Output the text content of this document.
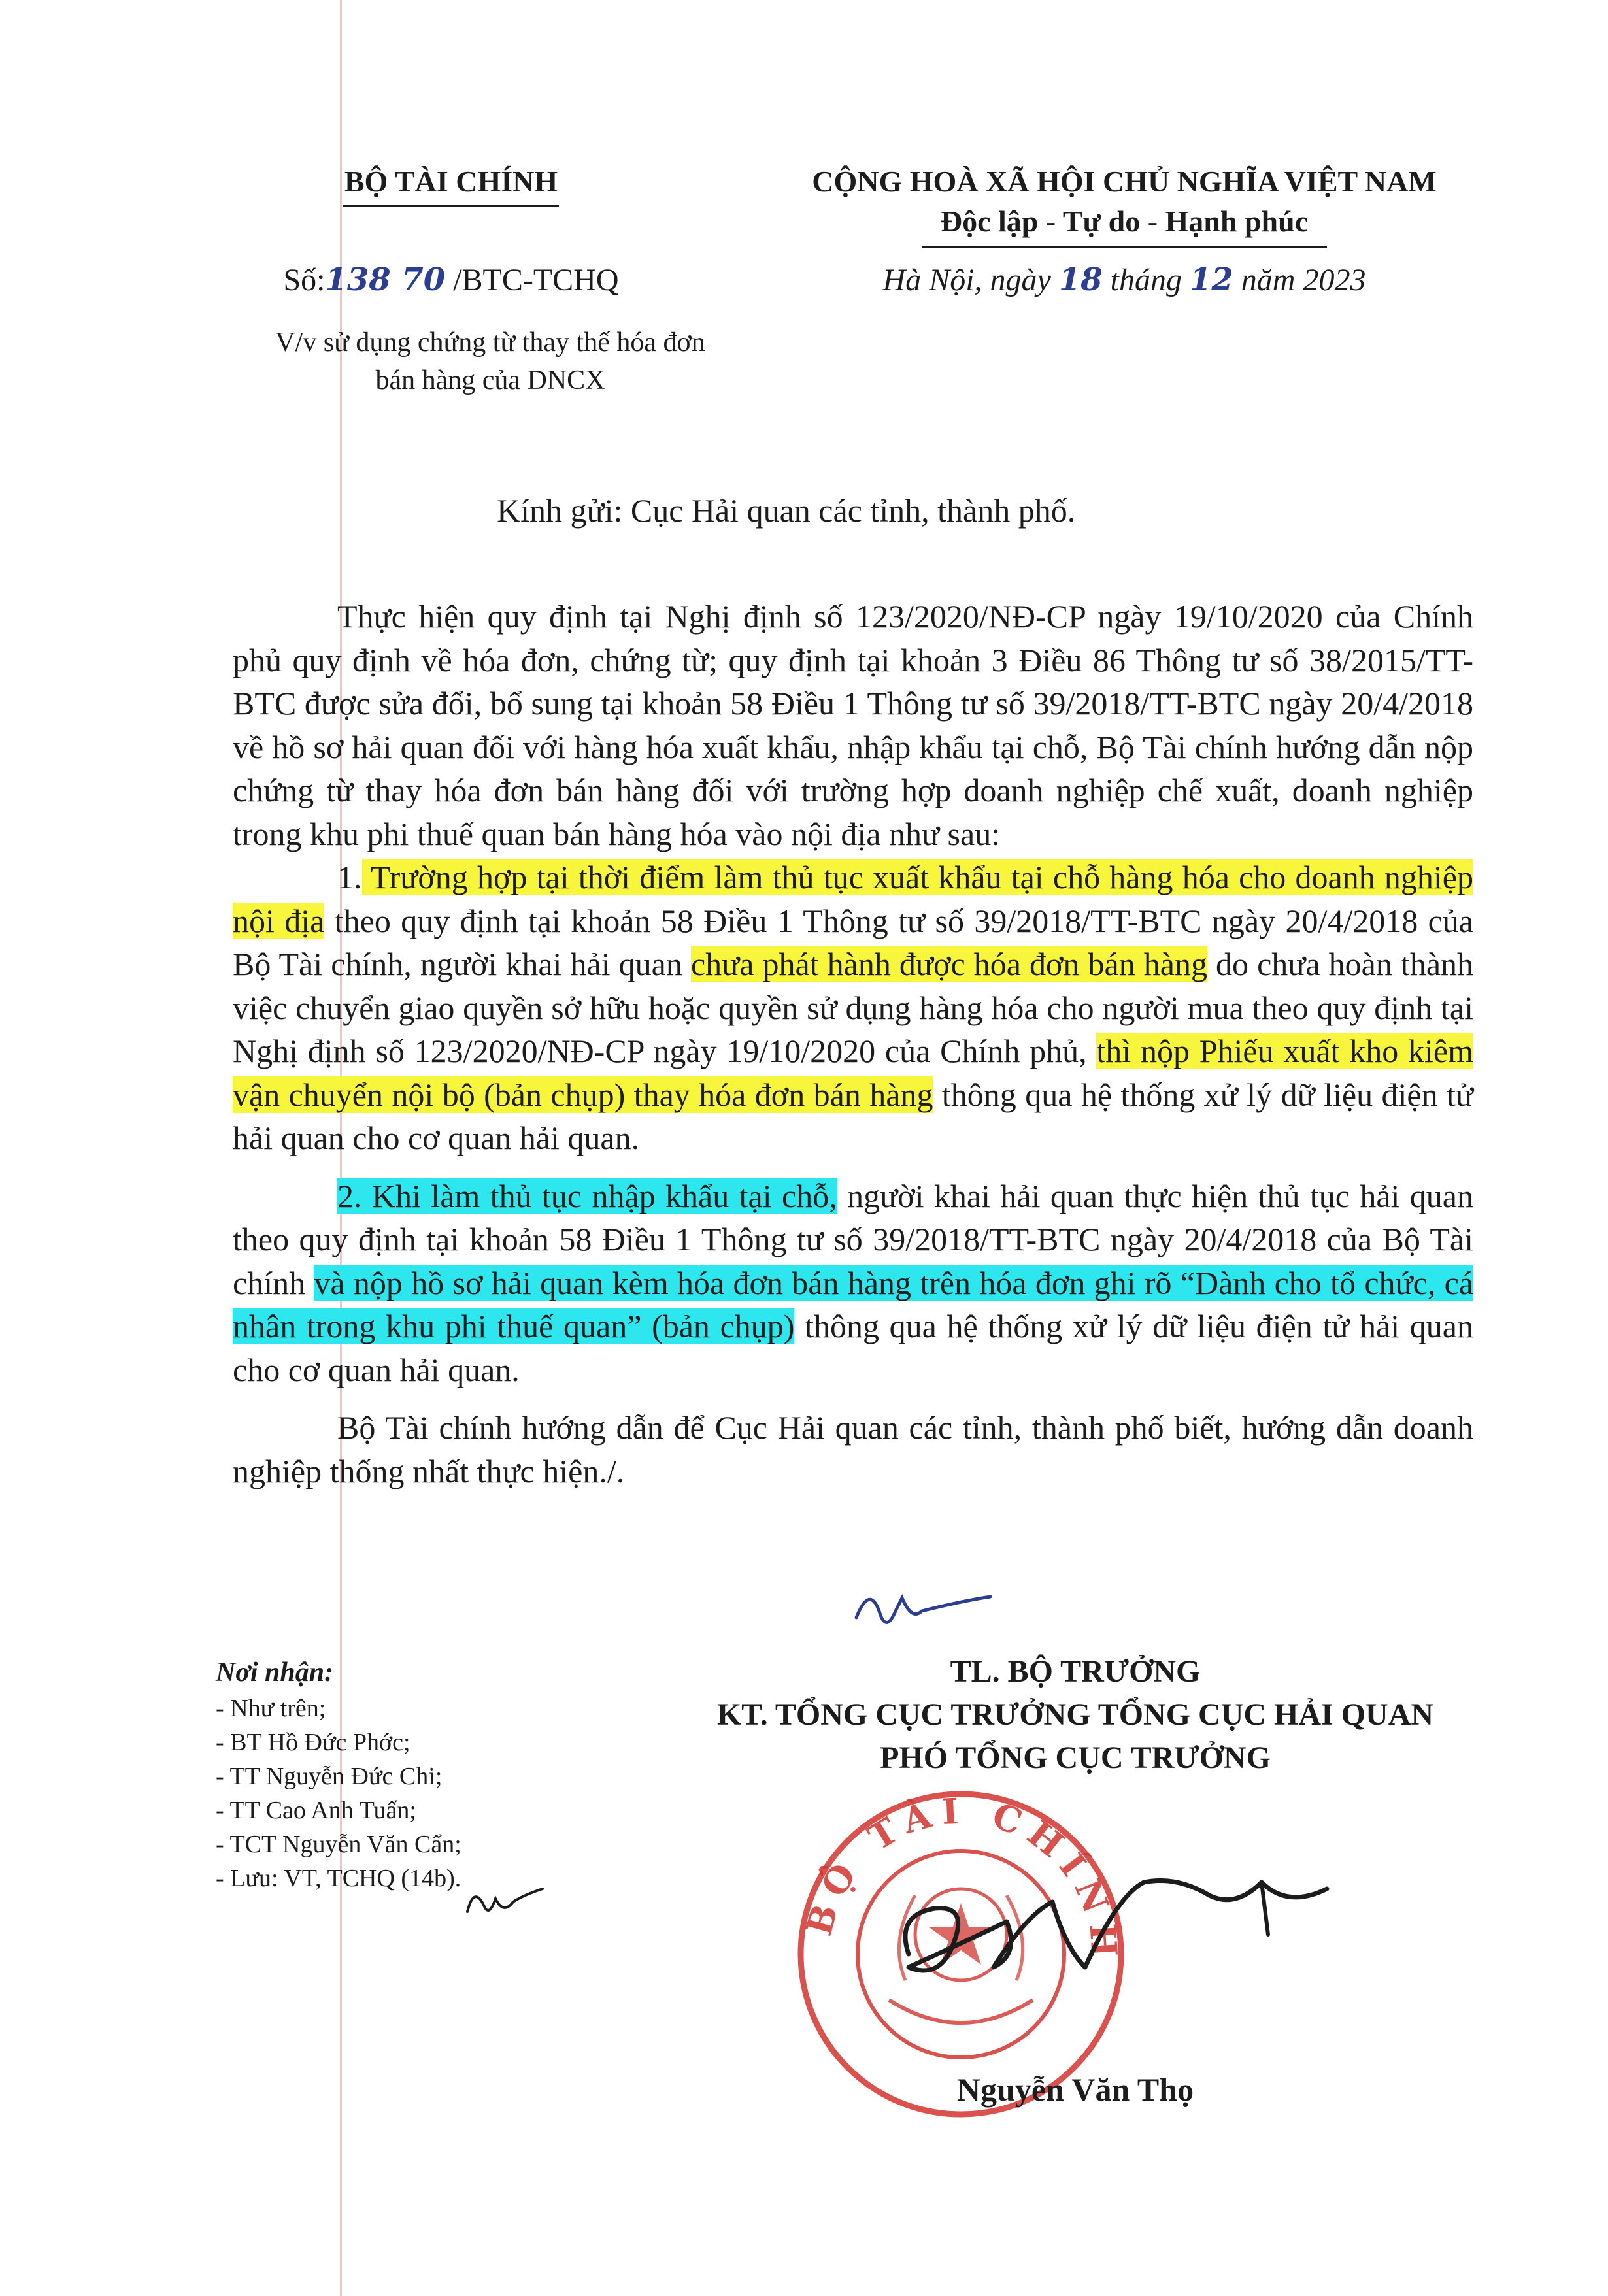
BỘ TÀI CHÍNH	CỘNG HOÀ XÃ HỘI CHỦ NGHĨA VIỆT NAM
Độc lập - Tự do - Hạnh phúc
Số:138 70 /BTC-TCHQ	Hà Nội, ngày 18 tháng 12 năm 2023
V/v sử dụng chứng từ thay thế hóa đơn
bán hàng của DNCX
Kính gửi: Cục Hải quan các tỉnh, thành phố.

Thực hiện quy định tại Nghị định số 123/2020/NĐ-CP ngày 19/10/2020 của Chính phủ quy định về hóa đơn, chứng từ; quy định tại khoản 3 Điều 86 Thông tư số 38/2015/TT-BTC được sửa đổi, bổ sung tại khoản 58 Điều 1 Thông tư số 39/2018/TT-BTC ngày 20/4/2018 về hồ sơ hải quan đối với hàng hóa xuất khẩu, nhập khẩu tại chỗ, Bộ Tài chính hướng dẫn nộp chứng từ thay hóa đơn bán hàng đối với trường hợp doanh nghiệp chế xuất, doanh nghiệp trong khu phi thuế quan bán hàng hóa vào nội địa như sau:

1. Trường hợp tại thời điểm làm thủ tục xuất khẩu tại chỗ hàng hóa cho doanh nghiệp nội địa theo quy định tại khoản 58 Điều 1 Thông tư số 39/2018/TT-BTC ngày 20/4/2018 của Bộ Tài chính, người khai hải quan chưa phát hành được hóa đơn bán hàng do chưa hoàn thành việc chuyển giao quyền sở hữu hoặc quyền sử dụng hàng hóa cho người mua theo quy định tại Nghị định số 123/2020/NĐ-CP ngày 19/10/2020 của Chính phủ, thì nộp Phiếu xuất kho kiêm vận chuyển nội bộ (bản chụp) thay hóa đơn bán hàng thông qua hệ thống xử lý dữ liệu điện tử hải quan cho cơ quan hải quan.

2. Khi làm thủ tục nhập khẩu tại chỗ, người khai hải quan thực hiện thủ tục hải quan theo quy định tại khoản 58 Điều 1 Thông tư số 39/2018/TT-BTC ngày 20/4/2018 của Bộ Tài chính và nộp hồ sơ hải quan kèm hóa đơn bán hàng trên hóa đơn ghi rõ “Dành cho tổ chức, cá nhân trong khu phi thuế quan” (bản chụp) thông qua hệ thống xử lý dữ liệu điện tử hải quan cho cơ quan hải quan.

Bộ Tài chính hướng dẫn để Cục Hải quan các tỉnh, thành phố biết, hướng dẫn doanh nghiệp thống nhất thực hiện./.

Nơi nhận:
- Như trên;
- BT Hồ Đức Phớc;
- TT Nguyễn Đức Chi;
- TT Cao Anh Tuấn;
- TCT Nguyễn Văn Cẩn;
- Lưu: VT, TCHQ (14b).
TL. BỘ TRƯỞNG
KT. TỔNG CỤC TRƯỞNG TỔNG CỤC HẢI QUAN
PHÓ TỔNG CỤC TRƯỞNG
BỘ TÀI CHÍNH
Nguyễn Văn Thọ
